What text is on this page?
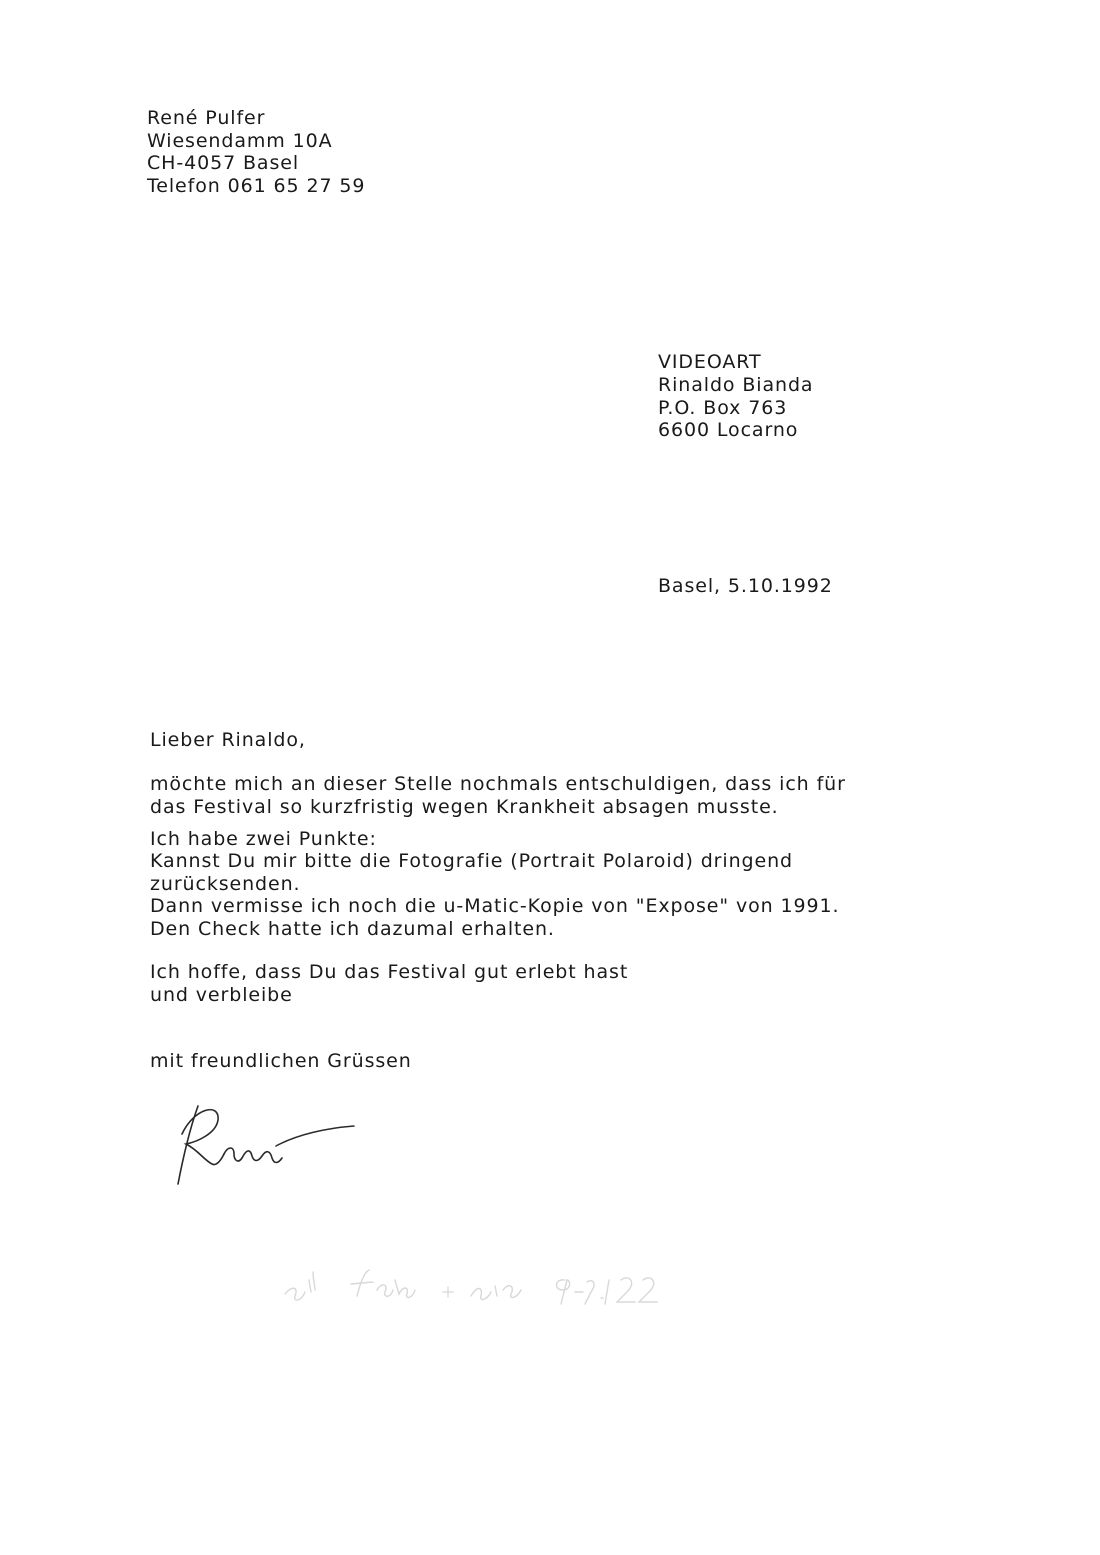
René Pulfer
Wiesendamm 10A
CH-4057 Basel
Telefon 061 65 27 59
VIDEOART
Rinaldo Bianda
P.O. Box 763
6600 Locarno
Basel, 5.10.1992
Lieber Rinaldo,
möchte mich an dieser Stelle nochmals entschuldigen, dass ich für
das Festival so kurzfristig wegen Krankheit absagen musste.
Ich habe zwei Punkte:
Kannst Du mir bitte die Fotografie (Portrait Polaroid) dringend
zurücksenden.
Dann vermisse ich noch die u-Matic-Kopie von "Expose" von 1991.
Den Check hatte ich dazumal erhalten.
Ich hoffe, dass Du das Festival gut erlebt hast
und verbleibe
mit freundlichen Grüssen
